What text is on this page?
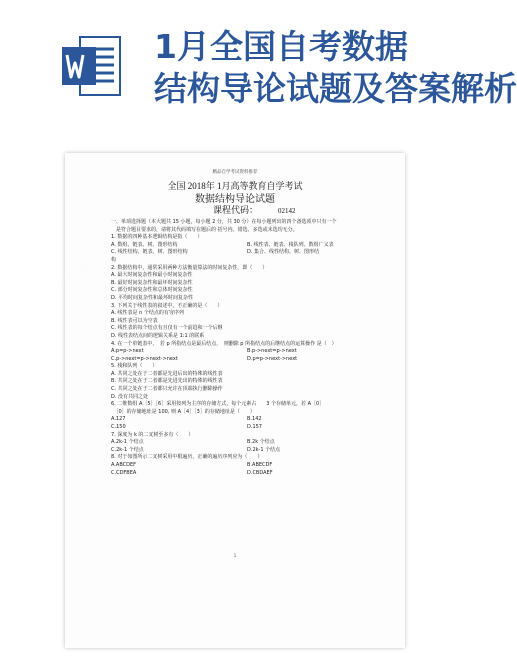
1月全国自考数据
结构导论试题及答案解析
· · · · · · · · · ·
精品自学考试资料推荐
全国 2018年 1月高等教育自学考试
数据结构导论试题
课程代码：	02142
一、单项选择题（本大题共 15 小题，每小题 2 分，共 30 分）在每小题列出的四个备选项中只有一个
　是符合题目要求的，请将其代码填写在题后的 括号内。错选、多选或未选均无分。
1. 数据的四种基本逻辑结构是指（　　）
A. 数组、链表、树、图形结构	B. 线性表、链表、栈队列、数组广义表
C. 线性结构、链表、树、图形结构	D. 集合、线性结构、树、图形结
构
2. 数据结构中，通常采用两种方法衡量算法的时间复杂性，即（　　）
A. 最大时间复杂性和最小时间复杂性
B. 最好时间复杂性和最坏时间复杂性
C. 部分时间复杂性和总体时间复杂性
D. 平均时间复杂性和最坏时间复杂性
3. 下列关于线性表的叙述中，不正确的是（　　）
A. 线性表是 n 个结点的有穷序列
B. 线性表可以为空表
C. 线性表的每个结点有且仅有一个前趋和一个后继
D. 线性表结点间的逻辑关系是 1:1 的联系
4. 在一个单链表中，　若 p 所指结点是最后结点，　则删除 p 所指结点的后继结点的运算操作 是（　）
A.p=p->next	B.p->next=p->next
C.p->next=p->next->next	D.p=p->next->next
5. 栈和队列（　　）
A. 共同之处在于二者都是先进后出的特殊的线性表
B. 共同之处在于二者都是先进先出的特殊的线性表
C. 共同之处在于二者都只允许在顶端执行删除操作
D. 没有共同之处
6. 二维数组 A［5］［6］采用按列为主序的存储方式，每个元素占　　3 个存储单元，若 A［0］
　［0］的存储地址是 100, 则 A［4］［3］的存储地址是（　　）
A.127	B.142
C.150	D.157
7. 深度为 k 的二叉树至多有（　　）
A.2k-1 个结点	B.2k 个结点
C.2k-1 个结点	D.2k-1 个结点
8. 对于如图所示二叉树采用中根遍历，正确的遍历序列应为（　　）
A.ABCDEF	B.ABECDF
C.CDFBEA	D.CBDAEF
1
